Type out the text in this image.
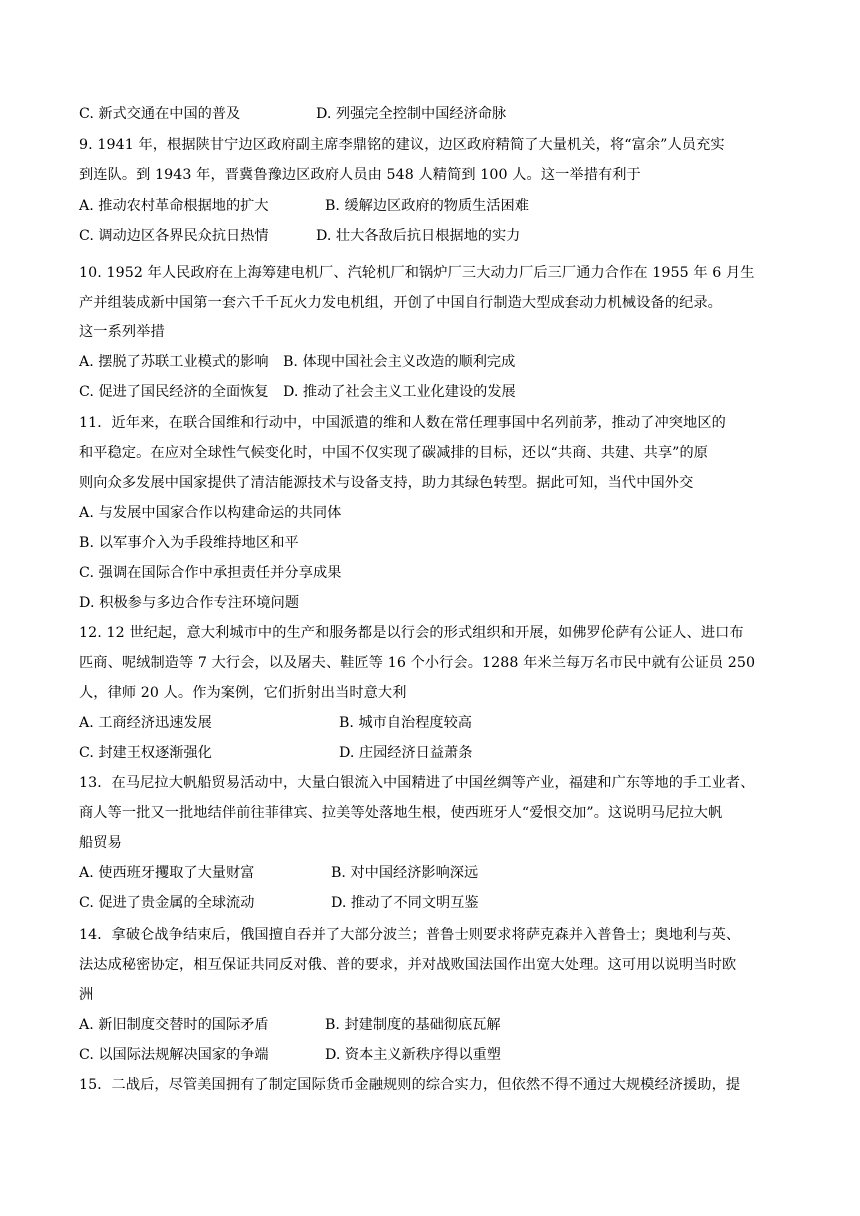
C. 新式交通在中国的普及	D. 列强完全控制中国经济命脉
9. 1941 年，根据陕甘宁边区政府副主席李鼎铭的建议，边区政府精简了大量机关，将“富余”人员充实
到连队。到 1943 年，晋冀鲁豫边区政府人员由 548 人精简到 100 人。这一举措有利于
A. 推动农村革命根据地的扩大	B. 缓解边区政府的物质生活困难
C. 调动边区各界民众抗日热情	D. 壮大各敌后抗日根据地的实力
10. 1952 年人民政府在上海筹建电机厂、汽轮机厂和锅炉厂三大动力厂后三厂通力合作在 1955 年 6 月生
产并组装成新中国第一套六千千瓦火力发电机组，开创了中国自行制造大型成套动力机械设备的纪录。
这一系列举措
A. 摆脱了苏联工业模式的影响 B. 体现中国社会主义改造的顺利完成
C. 促进了国民经济的全面恢复 D. 推动了社会主义工业化建设的发展
11．近年来，在联合国维和行动中，中国派遣的维和人数在常任理事国中名列前茅，推动了冲突地区的
和平稳定。在应对全球性气候变化时，中国不仅实现了碳减排的目标，还以“共商、共建、共享”的原
则向众多发展中国家提供了清洁能源技术与设备支持，助力其绿色转型。据此可知，当代中国外交
A. 与发展中国家合作以构建命运的共同体
B. 以军事介入为手段维持地区和平
C. 强调在国际合作中承担责任并分享成果
D. 积极参与多边合作专注环境问题
12. 12 世纪起，意大利城市中的生产和服务都是以行会的形式组织和开展，如佛罗伦萨有公证人、进口布
匹商、呢绒制造等 7 大行会，以及屠夫、鞋匠等 16 个小行会。1288 年米兰每万名市民中就有公证员 250
人，律师 20 人。作为案例，它们折射出当时意大利
A. 工商经济迅速发展	B. 城市自治程度较高
C. 封建王权逐渐强化	D. 庄园经济日益萧条
13．在马尼拉大帆船贸易活动中，大量白银流入中国精进了中国丝绸等产业，福建和广东等地的手工业者、
商人等一批又一批地结伴前往菲律宾、拉美等处落地生根，使西班牙人“爱恨交加”。这说明马尼拉大帆
船贸易
A. 使西班牙攫取了大量财富	B. 对中国经济影响深远
C. 促进了贵金属的全球流动	D. 推动了不同文明互鉴
14．拿破仑战争结束后，俄国擅自吞并了大部分波兰；普鲁士则要求将萨克森并入普鲁士；奥地利与英、
法达成秘密协定，相互保证共同反对俄、普的要求，并对战败国法国作出宽大处理。这可用以说明当时欧
洲
A. 新旧制度交替时的国际矛盾	B. 封建制度的基础彻底瓦解
C. 以国际法规解决国家的争端	D. 资本主义新秩序得以重塑
15．二战后，尽管美国拥有了制定国际货币金融规则的综合实力，但依然不得不通过大规模经济援助，提
